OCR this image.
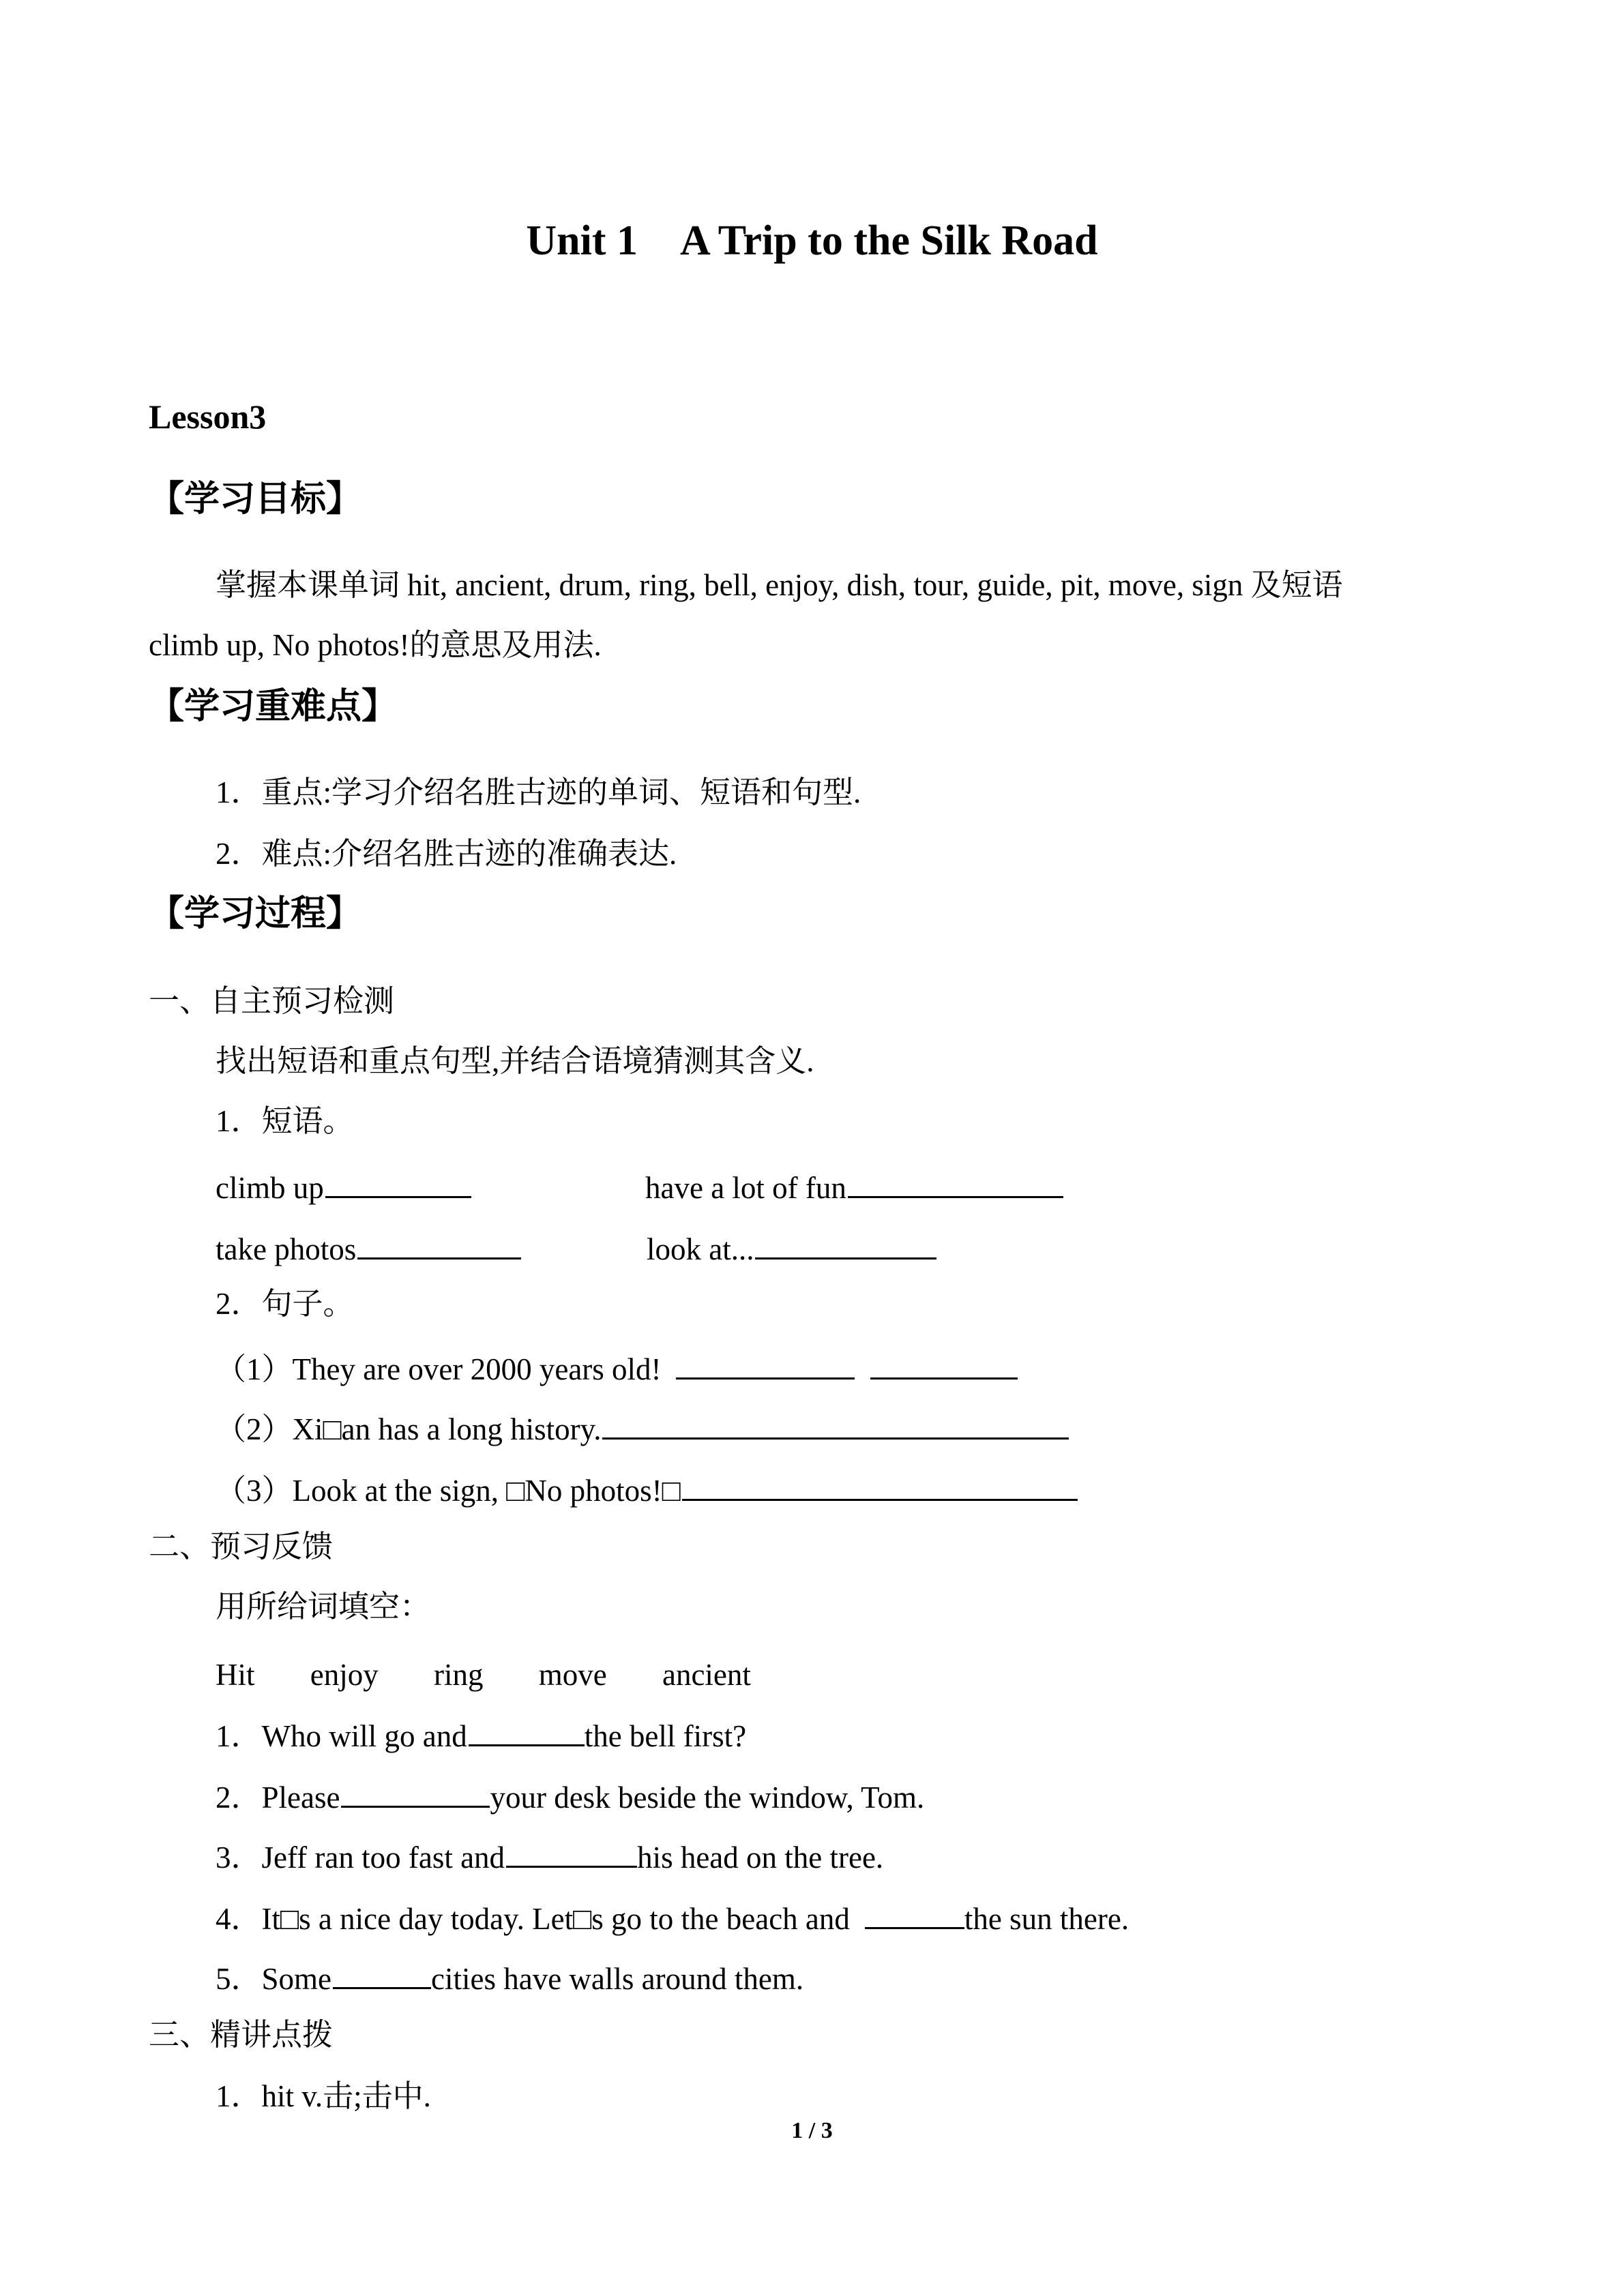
Unit 1　A Trip to the Silk Road
Lesson3
【学习目标】
掌握本课单词 hit, ancient, drum, ring, bell, enjoy, dish, tour, guide, pit, move, sign 及短语
climb up, No photos!的意思及用法.
【学习重难点】
1．重点:学习介绍名胜古迹的单词、短语和句型.
2．难点:介绍名胜古迹的准确表达.
【学习过程】
一、自主预习检测
找出短语和重点句型,并结合语境猜测其含义.
1．短语。
climb up	have a lot of fun
take photos	look at...
2．句子。
（1）They are over 2000 years old!
（2）Xi□an has a long history.
（3）Look at the sign, □No photos!□
二、预习反馈
用所给词填空：
Hit enjoy ring move ancient
1．Who will go and	the bell first?
2．Please	your desk beside the window, Tom.
3．Jeff ran too fast and	his head on the tree.
4．It□s a nice day today. Let□s go to the beach and	the sun there.
5．Some	cities have walls around them.
三、精讲点拨
1．hit v.击;击中.
1 / 3
